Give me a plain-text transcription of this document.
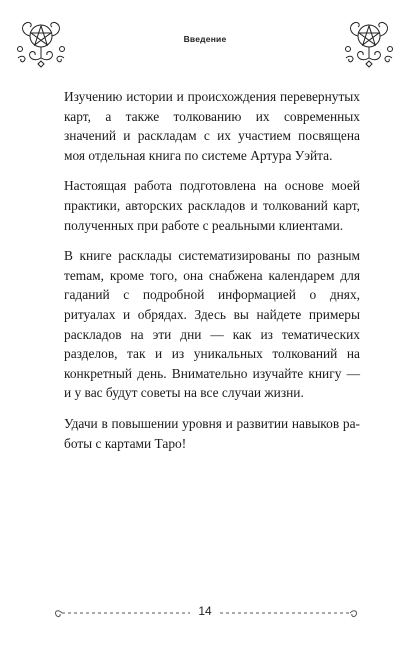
Введение

Изучению истории и происхождения перевернутых карт, а также толкованию их современных значений и раскладам с их участием посвящена моя отдельная книга по системе Артура Уэйта.

Настоящая работа подготовлена на основе моей практики, авторских раскладов и толкований карт, полученных при работе с реальными клиентами.

В книге расклады систематизированы по разным теmам, кроме того, она снабжена календарем для гаданий с подробной информацией о днях, ритуалах и обрядах. Здесь вы найдете примеры раскладов на эти дни — как из тематических разделов, так и из уникальных толкований на конкретный день. Внимательно изучайте книгу — и у вас будут советы на все случаи жизни.

Удачи в повышении уровня и развитии навыков работы с картами Таро!

14
